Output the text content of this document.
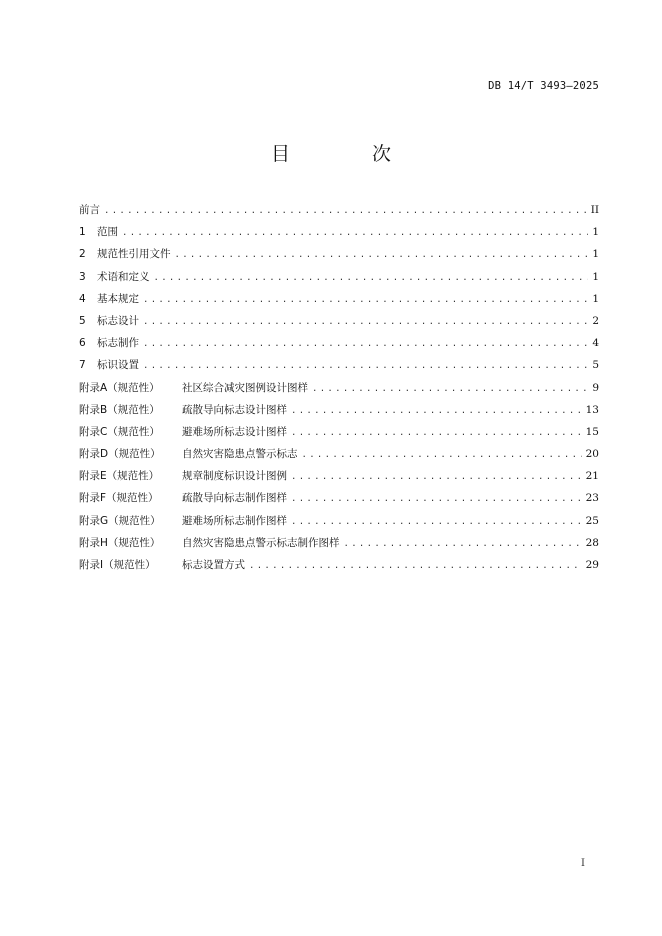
DB 14/T 3493—2025
目 次
前言 .....	II
1	范围 .....	1
2	规范性引用文件 .....	1
3	术语和定义 .....	1
4	基本规定 .....	1
5	标志设计 .....	2
6	标志制作 .....	4
7	标识设置 .....	5
附录A（规范性）	社区综合减灾图例设计图样 .....	9
附录B（规范性）	疏散导向标志设计图样 .....	13
附录C（规范性）	避难场所标志设计图样 .....	15
附录D（规范性）	自然灾害隐患点警示标志 .....	20
附录E（规范性）	规章制度标识设计图例 .....	21
附录F（规范性）	疏散导向标志制作图样 .....	23
附录G（规范性）	避难场所标志制作图样 .....	25
附录H（规范性）	自然灾害隐患点警示标志制作图样 .....	28
附录I（规范性）	标志设置方式 .....	29
I
